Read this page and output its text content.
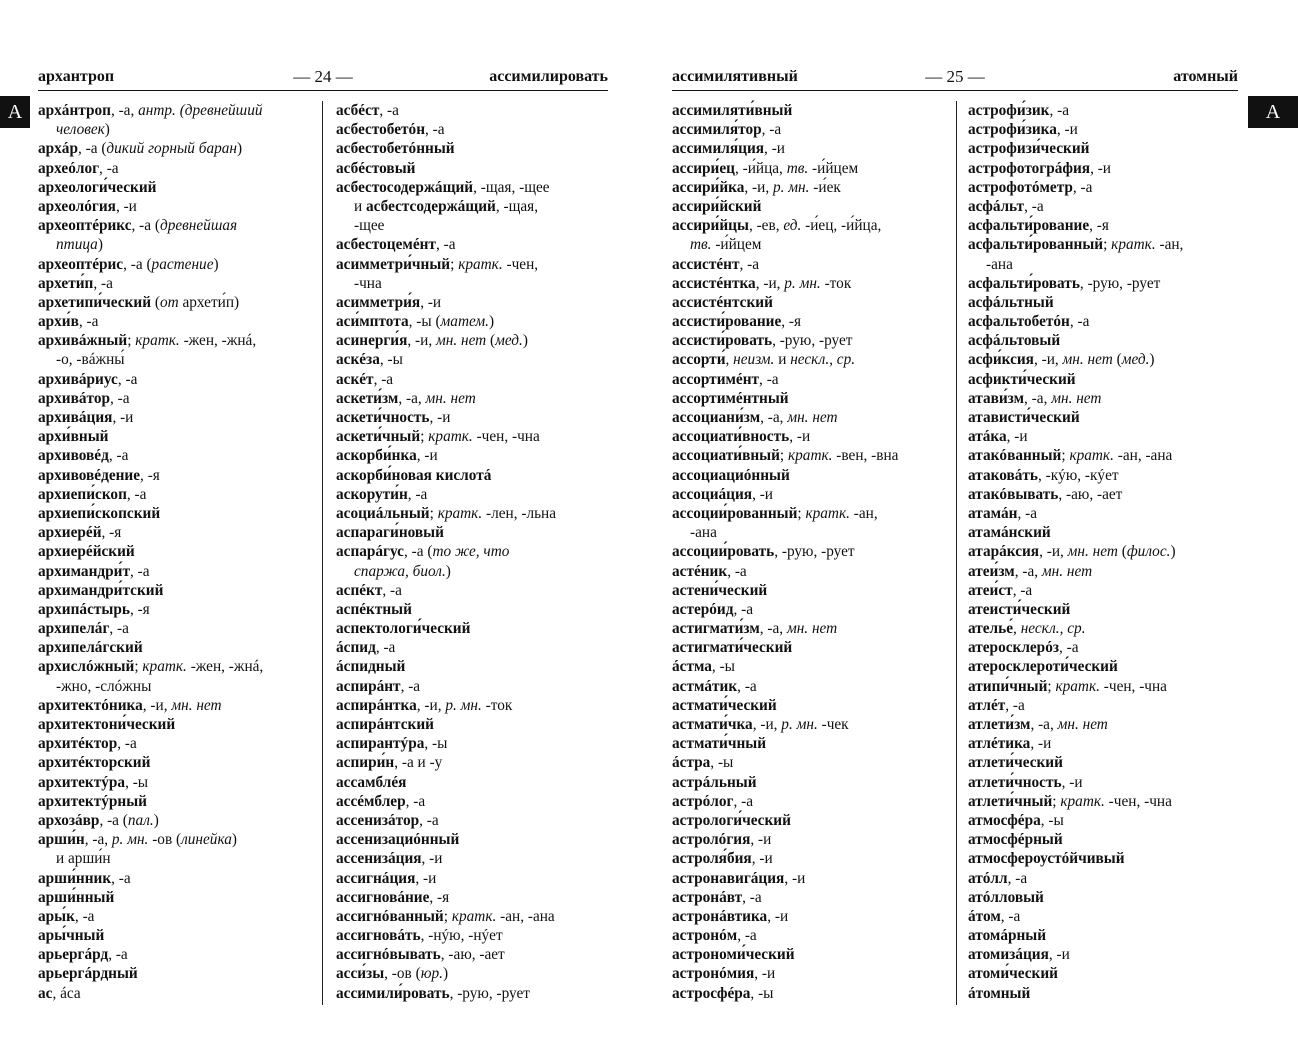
— 24 —
архантроп	ассимилировать
А	архáнтроп, -а, антр. (древнейший
человек)
архáр, -а (дикий горный баран)
археóлог, -а
археологи́ческий
археолóгия, -и
археоптéрикс, -а (древнейшая
птица)
археоптéрис, -а (растение)
архети́п, -а
архетипи́ческий (от архети́п)
архи́в, -а
архивáжный; кратк. -жен, -жнá,
-о, -вáжны́
архивáриус, -а
архивáтор, -а
архивáция, -и
архи́вный
архивовéд, -а
архивовéдение, -я
архиепи́скоп, -а
архиепи́скопский
архиерéй, -я
архиерéйский
архимандри́т, -а
архимандри́тский
архипáстырь, -я
архипелáг, -а
архипелáгский
архислóжный; кратк. -жен, -жнá,
-жно, -слóжны
архитектóника, -и, мн. нет
архитектони́ческий
архитéктор, -а
архитéкторский
архитектýра, -ы
архитектýрный
архозáвр, -а (пал.)
арши́н, -а, р. мн. -ов (линейка)
и арши́н
арши́нник, -а
арши́нный
ары́к, -а
ары́чный
арьергáрд, -а
арьергáрдный
ас, áса
асбéст, -а
асбестобетóн, -а
асбестобетóнный
асбéстовый
асбестосодержáщий, -щая, -щее
и асбестсодержáщий, -щая,
-щее
асбестоцемéнт, -а
асимметри́чный; кратк. -чен,
-чна
асимметри́я, -и
аси́мптота, -ы (матем.)
асинерги́я, -и, мн. нет (мед.)
аскéза, -ы
аскéт, -а
аскети́зм, -а, мн. нет
аскети́чность, -и
аскети́чный; кратк. -чен, -чна
аскорби́нка, -и
аскорби́новая кислотá
аскорути́н, -а
асоциáльный; кратк. -лен, -льна
аспараги́новый
аспарáгус, -а (то же, что
спаржа, биол.)
аспéкт, -а
аспéктный
аспектологи́ческий
áспид, -а
áспидный
аспирáнт, -а
аспирáнтка, -и, р. мн. -ток
аспирáнтский
аспирантýра, -ы
аспири́н, -а и -у
ассамблéя
ассéмблер, -а
ассенизáтор, -а
ассенизациóнный
ассенизáция, -и
ассигнáция, -и
ассигновáние, -я
ассигнóванный; кратк. -ан, -ана
ассигновáть, -нýю, -нýет
ассигнóвывать, -аю, -ает
асси́зы, -ов (юр.)
ассимили́ровать, -рую, -рует
— 25 —
ассимилятивный	атомный
А
ассимиляти́вный
ассимиля́тор, -а
ассимиля́ция, -и
ассири́ец, -и́йца, тв. -и́йцем
ассири́йка, -и, р. мн. -и́ек
ассири́йский
ассири́йцы, -ев, ед. -и́ец, -и́йца,
тв. -и́йцем
ассистéнт, -а
ассистéнтка, -и, р. мн. -ток
ассистéнтский
ассисти́рование, -я
ассисти́ровать, -рую, -рует
ассорти́, неизм. и нескл., ср.
ассортимéнт, -а
ассортимéнтный
ассоциани́зм, -а, мн. нет
ассоциати́вность, -и
ассоциати́вный; кратк. -вен, -вна
ассоциациóнный
ассоциáция, -и
ассоции́рованный; кратк. -ан,
-ана
ассоции́ровать, -рую, -рует
астéник, -а
астени́ческий
астерóид, -а
астигмати́зм, -а, мн. нет
астигмати́ческий
áстма, -ы
астмáтик, -а
астмати́ческий
астмати́чка, -и, р. мн. -чек
астмати́чный
áстра, -ы
астрáльный
астрóлог, -а
астрологи́ческий
астролóгия, -и
астроля́бия, -и
астронавигáция, -и
астронáвт, -а
астронáвтика, -и
астронóм, -а
астрономи́ческий
астронóмия, -и
астросфéра, -ы
астрофи́зик, -а
астрофи́зика, -и
астрофизи́ческий
астрофотогрáфия, -и
астрофотóметр, -а
асфáльт, -а
асфальти́рование, -я
асфальти́рованный; кратк. -ан,
-ана
асфальти́ровать, -рую, -рует
асфáльтный
асфальтобетóн, -а
асфáльтовый
асфи́ксия, -и, мн. нет (мед.)
асфикти́ческий
атави́зм, -а, мн. нет
атависти́ческий
атáка, -и
атакóванный; кратк. -ан, -ана
атаковáть, -кýю, -кýет
атакóвывать, -аю, -ает
атамáн, -а
атамáнский
атарáксия, -и, мн. нет (филос.)
атеи́зм, -а, мн. нет
атеи́ст, -а
атеисти́ческий
ателье́, нескл., ср.
атеросклерóз, -а
атеросклероти́ческий
атипи́чный; кратк. -чен, -чна
атлéт, -а
атлети́зм, -а, мн. нет
атлéтика, -и
атлети́ческий
атлети́чность, -и
атлети́чный; кратк. -чен, -чна
атмосфéра, -ы
атмосфéрный
атмосфероустóйчивый
атóлл, -а
атóлловый
áтом, -а
атомáрный
атомизáция, -и
атоми́ческий
áтомный
